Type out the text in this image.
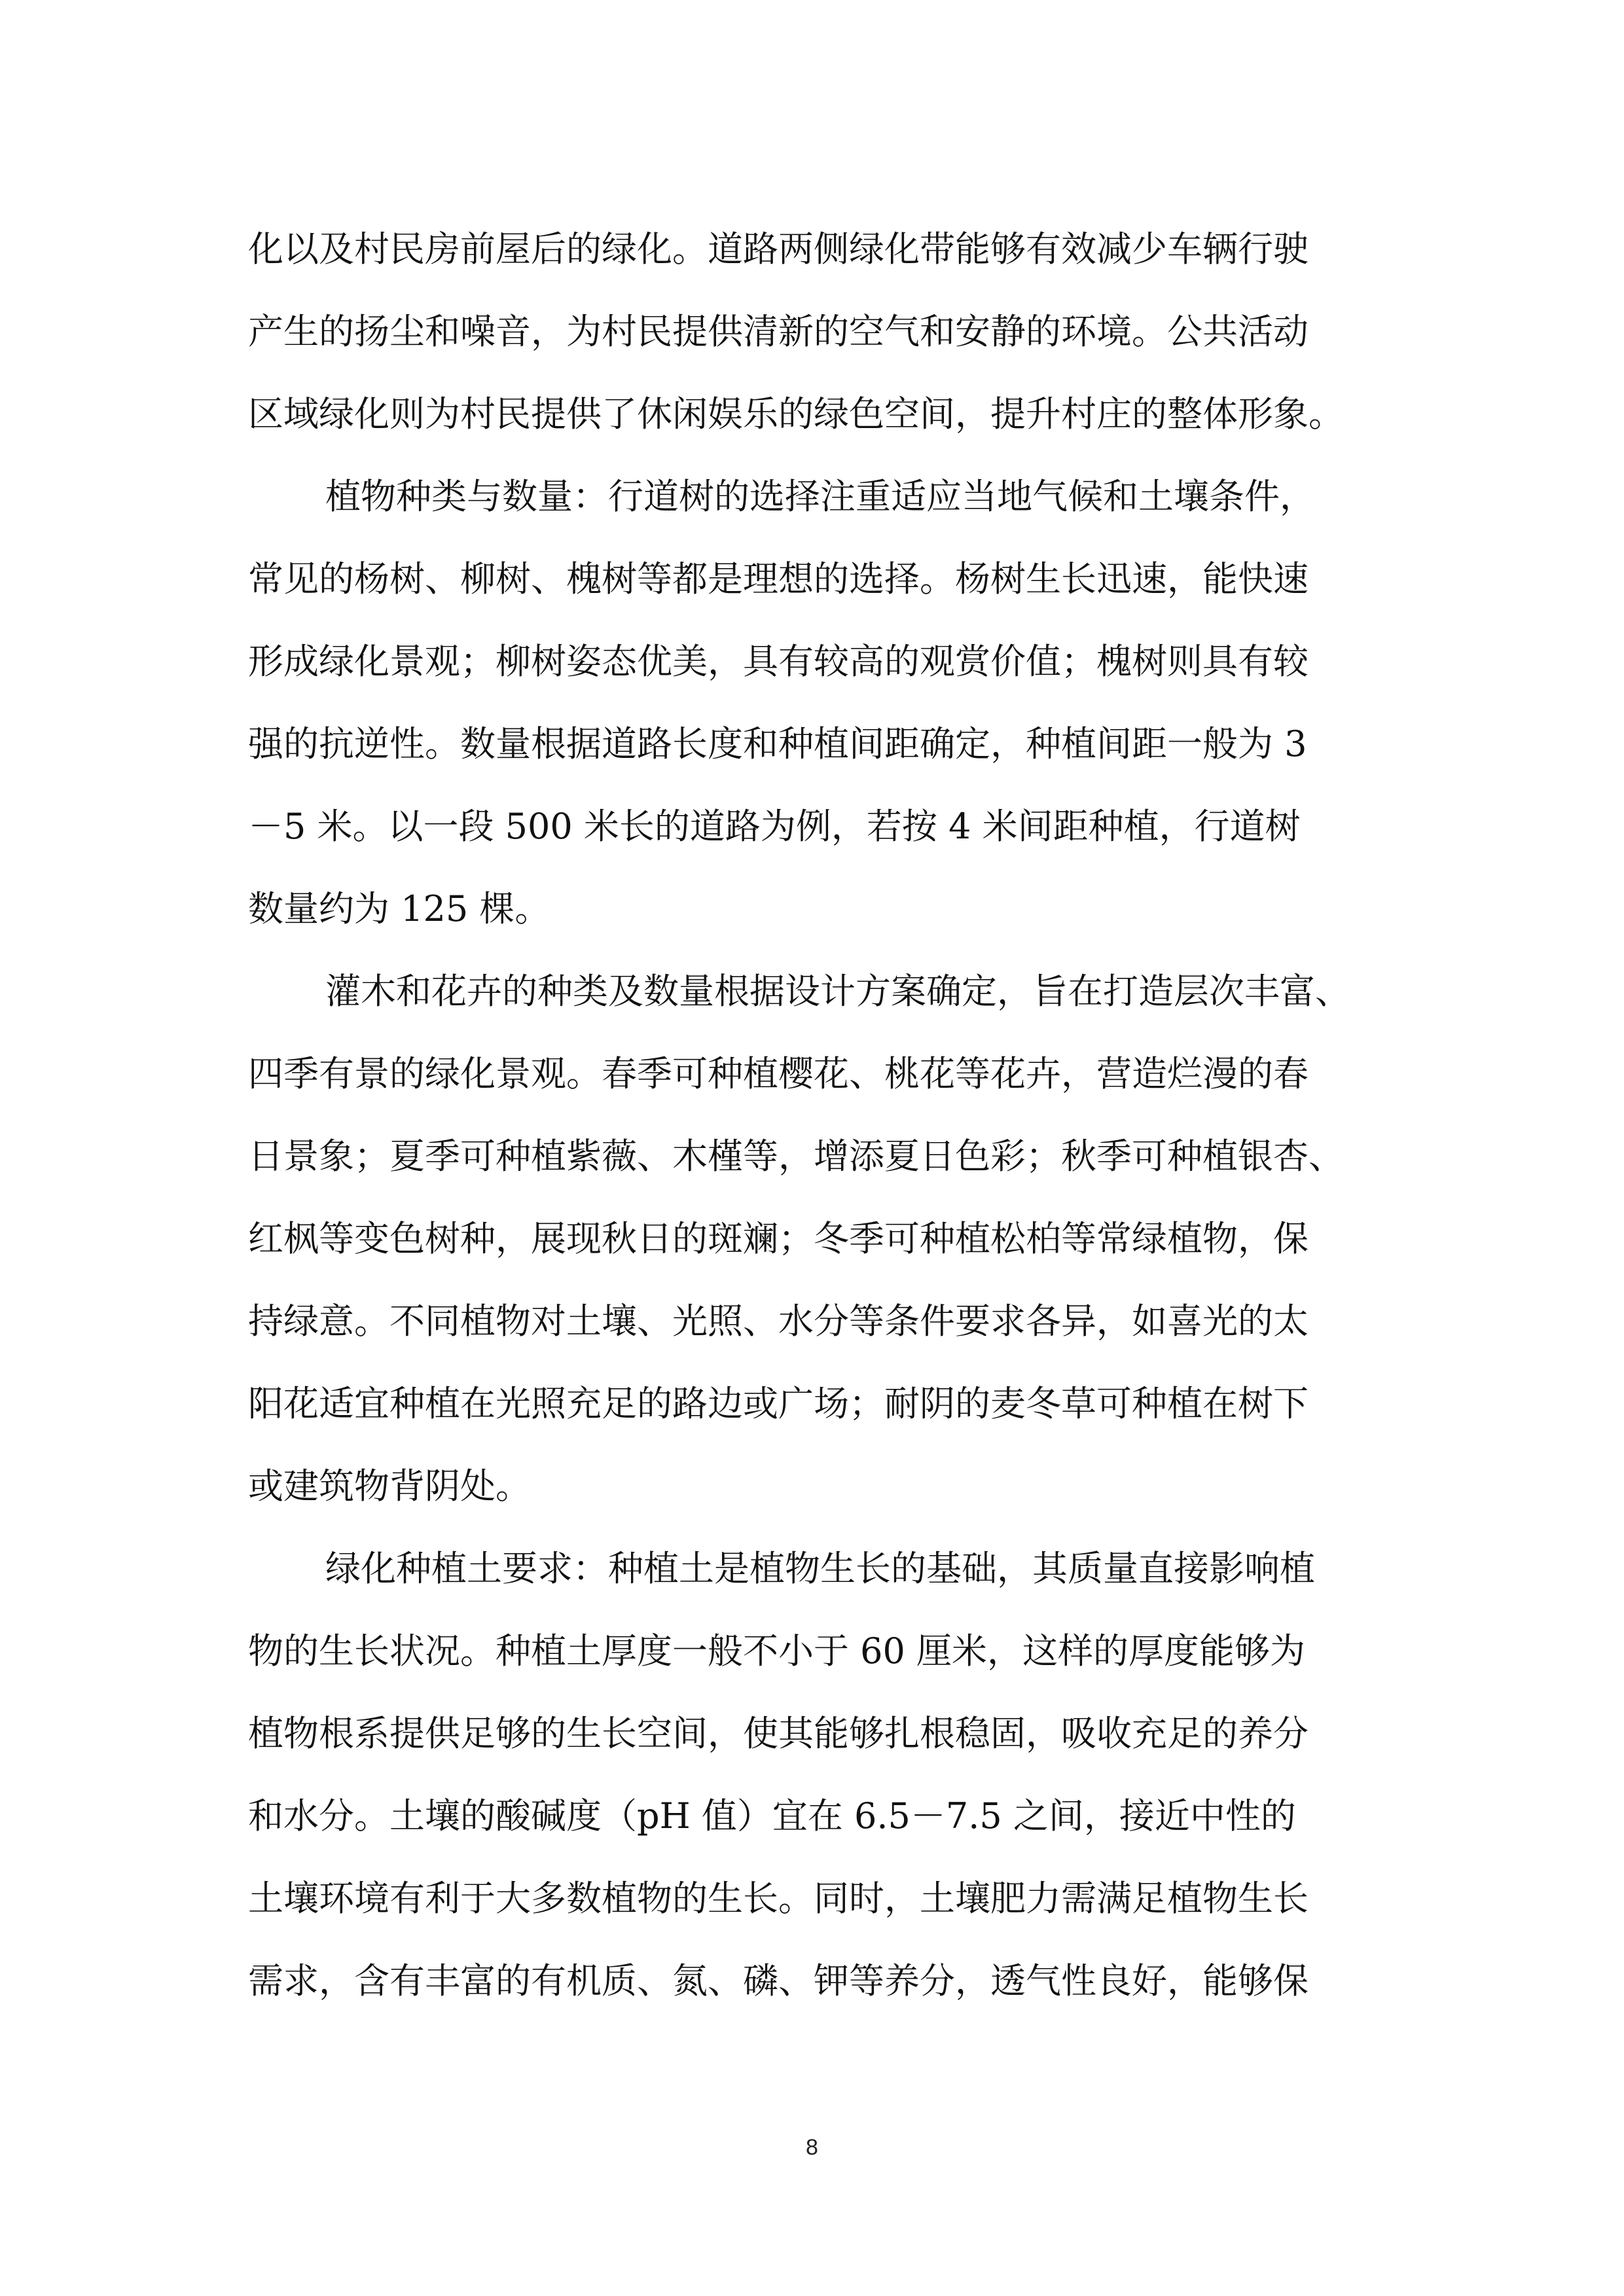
化以及村民房前屋后的绿化。道路两侧绿化带能够有效减少车辆行驶
产生的扬尘和噪音，为村民提供清新的空气和安静的环境。公共活动
区域绿化则为村民提供了休闲娱乐的绿色空间，提升村庄的整体形象。
植物种类与数量：行道树的选择注重适应当地气候和土壤条件，
常见的杨树、柳树、槐树等都是理想的选择。杨树生长迅速，能快速
形成绿化景观；柳树姿态优美，具有较高的观赏价值；槐树则具有较
强的抗逆性。数量根据道路长度和种植间距确定，种植间距一般为 3
－5 米。以一段 500 米长的道路为例，若按 4 米间距种植，行道树
数量约为 125 棵。
灌木和花卉的种类及数量根据设计方案确定，旨在打造层次丰富、
四季有景的绿化景观。春季可种植樱花、桃花等花卉，营造烂漫的春
日景象；夏季可种植紫薇、木槿等，增添夏日色彩；秋季可种植银杏、
红枫等变色树种，展现秋日的斑斓；冬季可种植松柏等常绿植物，保
持绿意。不同植物对土壤、光照、水分等条件要求各异，如喜光的太
阳花适宜种植在光照充足的路边或广场；耐阴的麦冬草可种植在树下
或建筑物背阴处。
绿化种植土要求：种植土是植物生长的基础，其质量直接影响植
物的生长状况。种植土厚度一般不小于 60 厘米，这样的厚度能够为
植物根系提供足够的生长空间，使其能够扎根稳固，吸收充足的养分
和水分。土壤的酸碱度（pH 值）宜在 6.5－7.5 之间，接近中性的
土壤环境有利于大多数植物的生长。同时，土壤肥力需满足植物生长
需求，含有丰富的有机质、氮、磷、钾等养分，透气性良好，能够保
8
